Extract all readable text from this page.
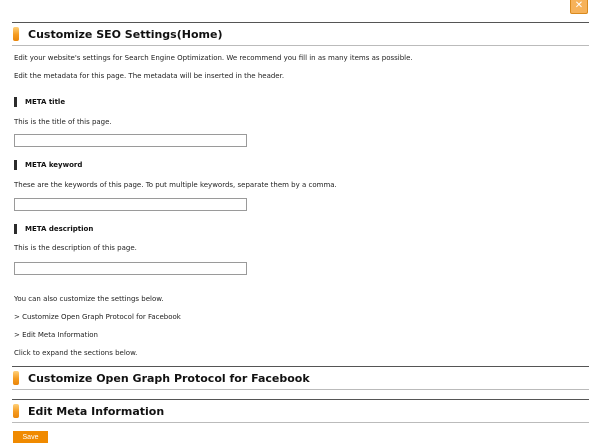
✕
Customize SEO Settings(Home)
Edit your website's settings for Search Engine Optimization. We recommend you fill in as many items as possible.
Edit the metadata for this page. The metadata will be inserted in the header.
META title
This is the title of this page.
META keyword
These are the keywords of this page. To put multiple keywords, separate them by a comma.
META description
This is the description of this page.
You can also customize the settings below.
> Customize Open Graph Protocol for Facebook
> Edit Meta Information
Click to expand the sections below.
Customize Open Graph Protocol for Facebook
Edit Meta Information
Save
